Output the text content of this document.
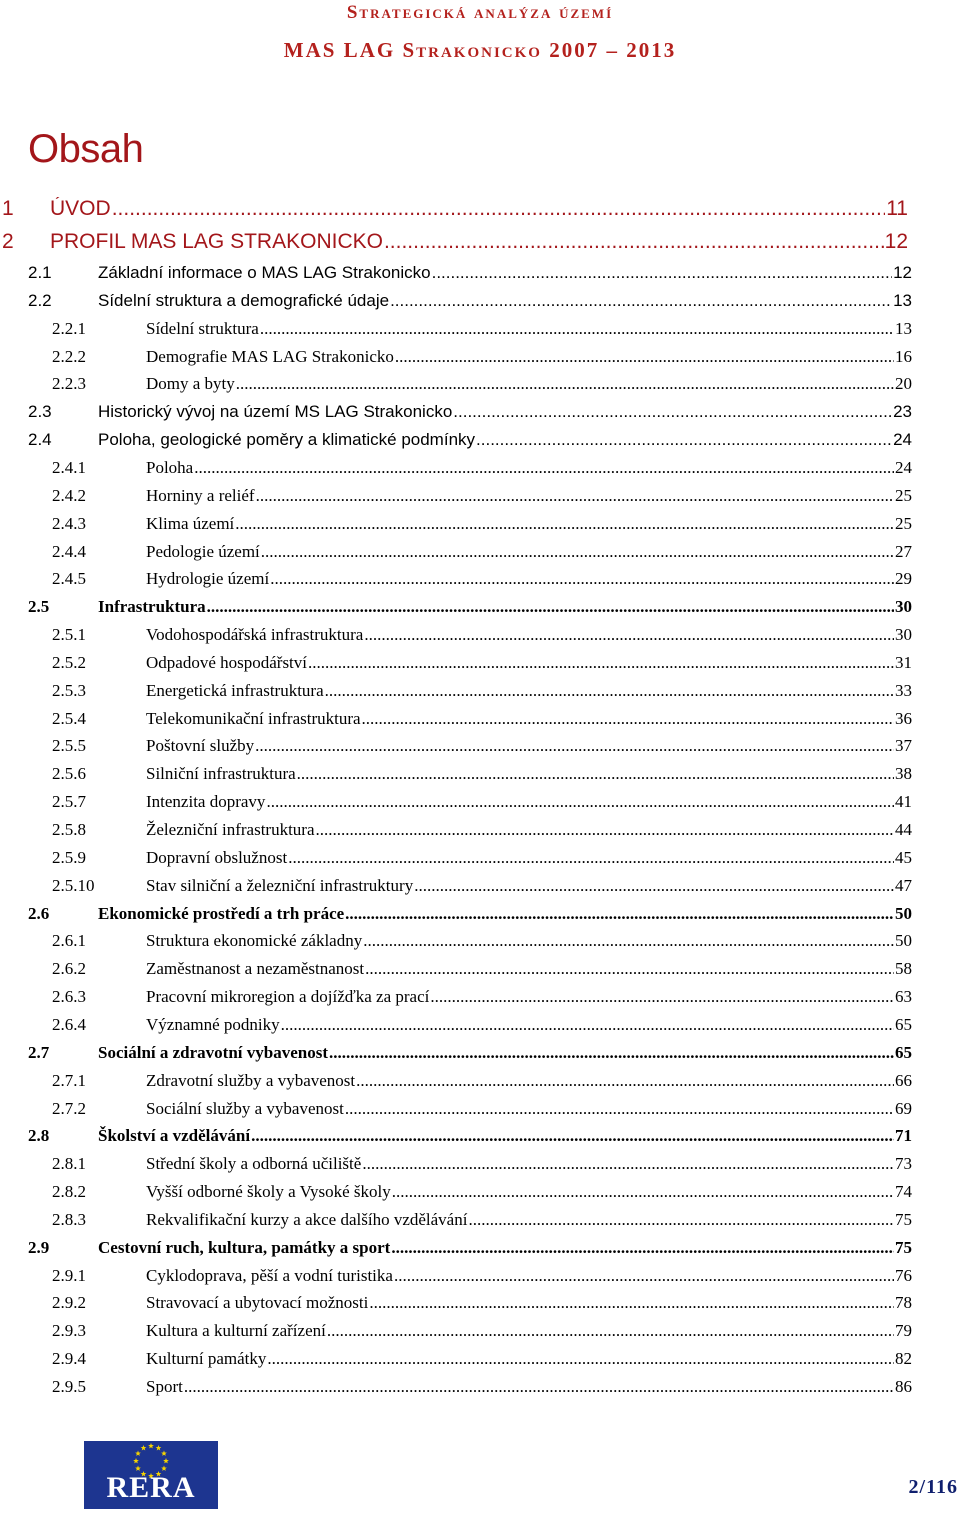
Strategická analýza území
MAS LAG Strakonicko 2007 – 2013
Obsah
1 ÚVOD .....	11
2 PROFIL MAS LAG STRAKONICKO .....	12
2.1	Základní informace o MAS LAG Strakonicko .....	12
2.2	Sídelní struktura a demografické údaje .....	13
2.2.1	Sídelní struktura .....	13
2.2.2	Demografie MAS LAG Strakonicko .....	16
2.2.3	Domy a byty .....	20
2.3	Historický vývoj na území MS LAG Strakonicko .....	23
2.4	Poloha, geologické poměry a klimatické podmínky .....	24
2.4.1	Poloha .....	24
2.4.2	Horniny a reliéf .....	25
2.4.3	Klima území .....	25
2.4.4	Pedologie území .....	27
2.4.5	Hydrologie území .....	29
2.5	Infrastruktura .....	30
2.5.1	Vodohospodářská infrastruktura .....	30
2.5.2	Odpadové hospodářství .....	31
2.5.3	Energetická infrastruktura .....	33
2.5.4	Telekomunikační infrastruktura .....	36
2.5.5	Poštovní služby .....	37
2.5.6	Silniční infrastruktura .....	38
2.5.7	Intenzita dopravy .....	41
2.5.8	Železniční infrastruktura .....	44
2.5.9	Dopravní obslužnost .....	45
2.5.10	Stav silniční a železniční infrastruktury .....	47
2.6	Ekonomické prostředí a trh práce .....	50
2.6.1	Struktura ekonomické základny .....	50
2.6.2	Zaměstnanost a nezaměstnanost .....	58
2.6.3	Pracovní mikroregion a dojížďka za prací .....	63
2.6.4	Významné podniky .....	65
2.7	Sociální a zdravotní vybavenost .....	65
2.7.1	Zdravotní služby a vybavenost .....	66
2.7.2	Sociální služby a vybavenost .....	69
2.8	Školství a vzdělávání .....	71
2.8.1	Střední školy a odborná učiliště .....	73
2.8.2	Vyšší odborné školy a Vysoké školy .....	74
2.8.3	Rekvalifikační kurzy a akce dalšího vzdělávání .....	75
2.9	Cestovní ruch, kultura, památky a sport .....	75
2.9.1	Cyklodoprava, pěší a vodní turistika .....	76
2.9.2	Stravovací a ubytovací možnosti .....	78
2.9.3	Kultura a kulturní zařízení .....	79
2.9.4	Kulturní památky .....	82
2.9.5	Sport .....	86
RERA	2/116
